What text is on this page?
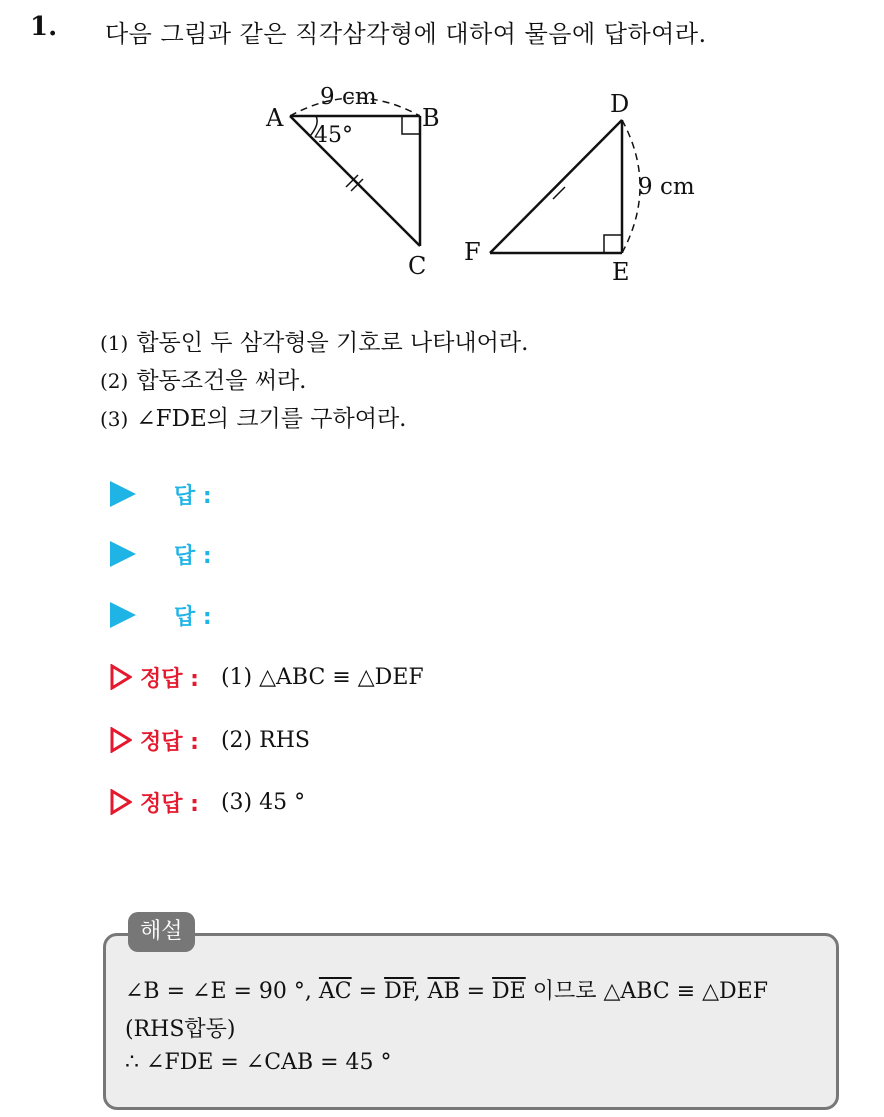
1. 다음 그림과 같은 직각삼각형에 대하여 물음에 답하여라.
A	B
C
D
E
F
9 cm
9 cm
45°
(1) 합동인 두 삼각형을 기호로 나타내어라.
(2) 합동조건을 써라.
(3) ∠FDE의 크기를 구하여라.
답 :
답 :
답 :
정답 : (1) △ABC ≡ △DEF
정답 : (2) RHS
정답 : (3) 45 °
해설
∠B = ∠E = 90 °, $\overline{AC} = \overline{DF}$, $\overline{AB} = \overline{DE}$ 이므로 △ABC ≡ △DEF
(RHS합동)
∴ ∠FDE = ∠CAB = 45 °
